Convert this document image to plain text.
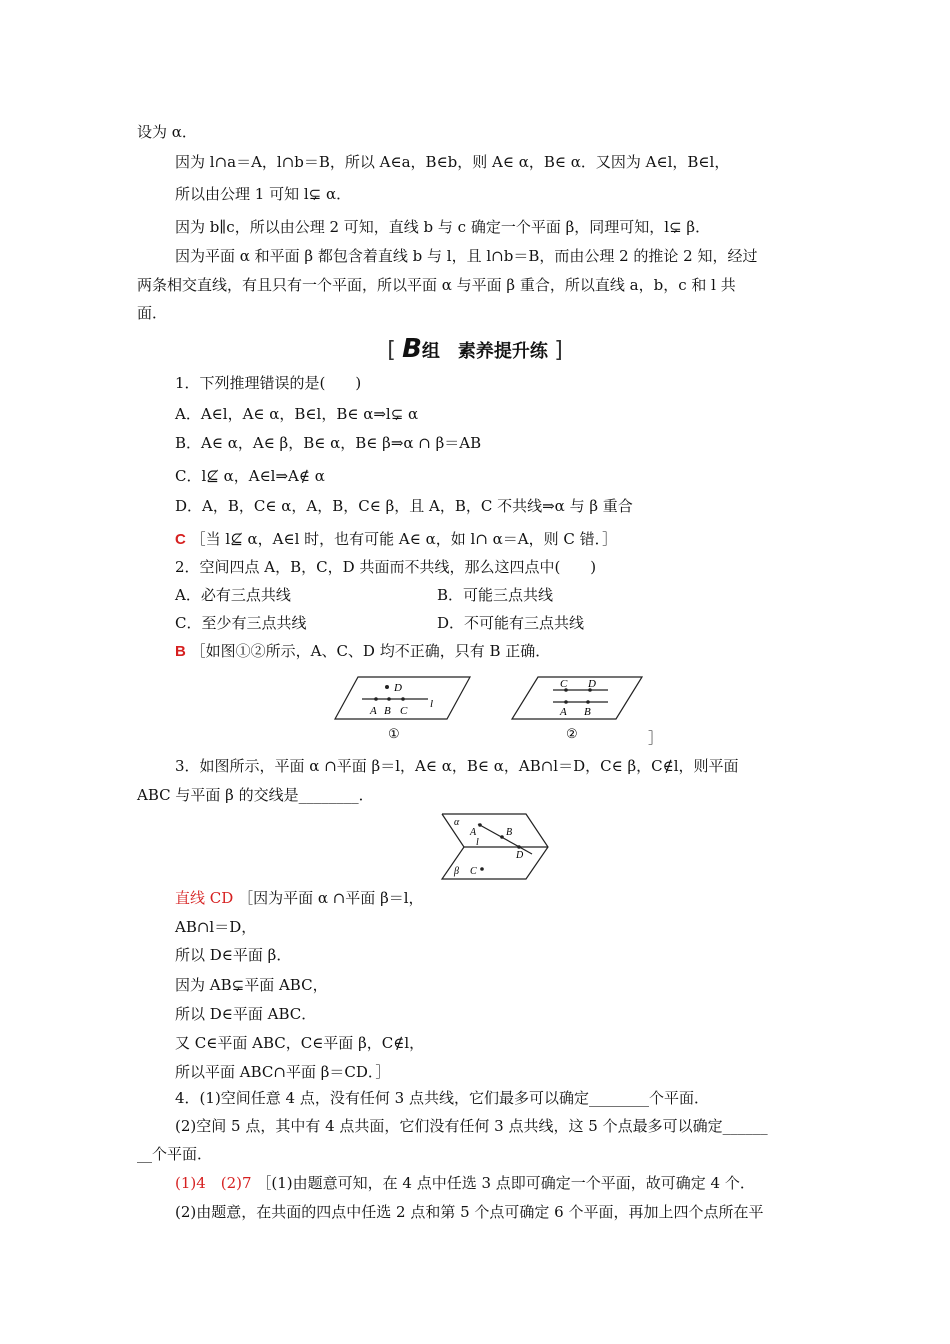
设为 α．
因为 l∩a＝A，l∩b＝B，所以 A∈a，B∈b，则 A∈ α，B∈ α．又因为 A∈l，B∈l，
所以由公理 1 可知 l⊊ α．
因为 b∥c，所以由公理 2 可知，直线 b 与 c 确定一个平面 β，同理可知，l⊊ β．
因为平面 α 和平面 β 都包含着直线 b 与 l，且 l∩b＝B，而由公理 2 的推论 2 知，经过
两条相交直线，有且只有一个平面，所以平面 α 与平面 β 重合，所以直线 a，b，c 和 l 共
面．
[ B组　素养提升练 ]
1．下列推理错误的是(　　)
A．A∈l，A∈ α，B∈l，B∈ α⇒l⊊ α
B．A∈ α，A∈ β，B∈ α，B∈ β⇒α ∩ β＝AB
C．l⊈ α，A∈l⇒A∉ α
D．A，B，C∈ α，A，B，C∈ β，且 A，B，C 不共线⇒α 与 β 重合
C ［当 l⊈ α，A∈l 时，也有可能 A∈ α，如 l∩ α＝A，则 C 错．］
2．空间四点 A，B，C，D 共面而不共线，那么这四点中(　　)
A．必有三点共线	B．可能三点共线
C．至少有三点共线	D．不可能有三点共线
B ［如图①②所示，A、C、D 均不正确，只有 B 正确．
D
A B C
l
①
C D
A B
②	］
3．如图所示，平面 α ∩平面 β＝l，A∈ α，B∈ α，AB∩l＝D，C∈ β，C∉l，则平面
ABC 与平面 β 的交线是________．
α
A	B
l
D
β C
直线 CD ［因为平面 α ∩平面 β＝l，
AB∩l＝D，
所以 D∈平面 β．
因为 AB⊊平面 ABC，
所以 D∈平面 ABC．
又 C∈平面 ABC，C∈平面 β，C∉l，
所以平面 ABC∩平面 β＝CD．］
4．(1)空间任意 4 点，没有任何 3 点共线，它们最多可以确定________个平面．
(2)空间 5 点，其中有 4 点共面，它们没有任何 3 点共线，这 5 个点最多可以确定______
__个平面．
(1)4　(2)7 ［(1)由题意可知，在 4 点中任选 3 点即可确定一个平面，故可确定 4 个．
(2)由题意，在共面的四点中任选 2 点和第 5 个点可确定 6 个平面，再加上四个点所在平
